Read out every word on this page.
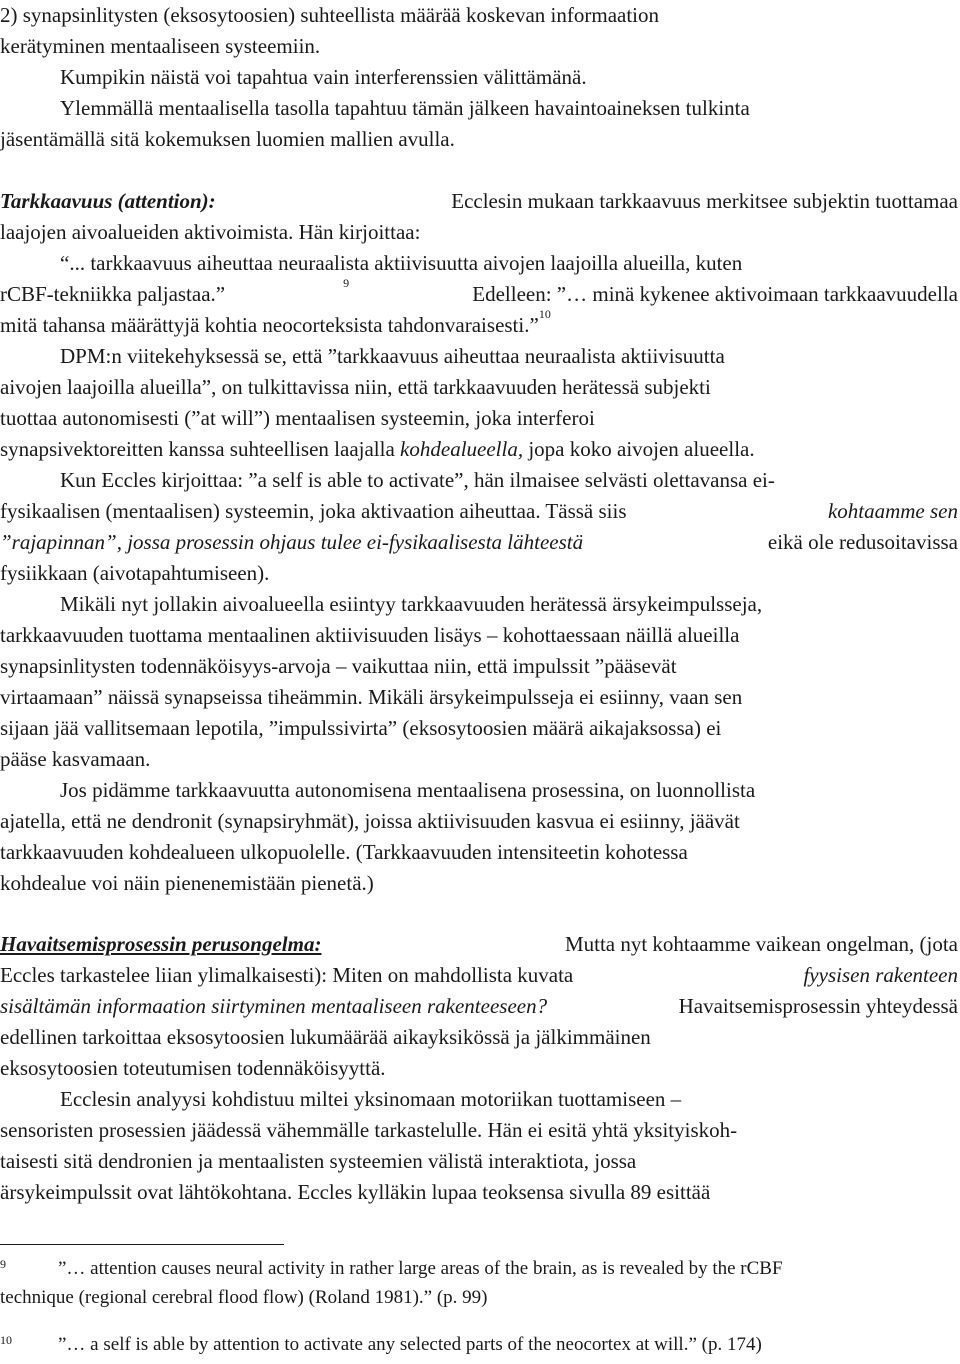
2) synapsinlitysten (eksosytoosien) suhteellista määrää koskevan informaation
kerätyminen mentaaliseen systeemiin.
Kumpikin näistä voi tapahtua vain interferenssien välittämänä.
Ylemmällä mentaalisella tasolla tapahtuu tämän jälkeen havaintoaineksen tulkinta
jäsentämällä sitä kokemuksen luomien mallien avulla.
Tarkkaavuus (attention):	Ecclesin mukaan tarkkaavuus merkitsee subjektin tuottamaa
laajojen aivoalueiden aktivoimista. Hän kirjoittaa:
“... tarkkaavuus aiheuttaa neuraalista aktiivisuutta aivojen laajoilla alueilla, kuten
rCBF-tekniikka paljastaa.”	$^9$	Edelleen: ”… minä kykenee aktivoimaan tarkkaavuudella
mitä tahansa määrättyjä kohtia neocorteksista tahdonvaraisesti.”$^{10}$
DPM:n viitekehyksessä se, että ”tarkkaavuus aiheuttaa neuraalista aktiivisuutta
aivojen laajoilla alueilla”, on tulkittavissa niin, että tarkkaavuuden herätessä subjekti
tuottaa autonomisesti (”at will”) mentaalisen systeemin, joka interferoi
synapsivektoreitten kanssa suhteellisen laajalla kohdealueella, jopa koko aivojen alueella.
Kun Eccles kirjoittaa: ”a self is able to activate”, hän ilmaisee selvästi olettavansa ei-
fysikaalisen (mentaalisen) systeemin, joka aktivaation aiheuttaa. Tässä siis	kohtaamme sen
”rajapinnan”, jossa prosessin ohjaus tulee ei-fysikaalisesta lähteestä	eikä ole redusoitavissa
fysiikkaan (aivotapahtumiseen).
Mikäli nyt jollakin aivoalueella esiintyy tarkkaavuuden herätessä ärsykeimpulsseja,
tarkkaavuuden tuottama mentaalinen aktiivisuuden lisäys – kohottaessaan näillä alueilla
synapsinlitysten todennäköisyys-arvoja – vaikuttaa niin, että impulssit ”pääsevät
virtaamaan” näissä synapseissa tiheämmin. Mikäli ärsykeimpulsseja ei esiinny, vaan sen
sijaan jää vallitsemaan lepotila, ”impulssivirta” (eksosytoosien määrä aikajaksossa) ei
pääse kasvamaan.
Jos pidämme tarkkaavuutta autonomisena mentaalisena prosessina, on luonnollista
ajatella, että ne dendronit (synapsiryhmät), joissa aktiivisuuden kasvua ei esiinny, jäävät
tarkkaavuuden kohdealueen ulkopuolelle. (Tarkkaavuuden intensiteetin kohotessa
kohdealue voi näin pienenemistään pienetä.)
Havaitsemisprosessin perusongelma:	Mutta nyt kohtaamme vaikean ongelman, (jota
Eccles tarkastelee liian ylimalkaisesti): Miten on mahdollista kuvata	fyysisen rakenteen
sisältämän informaation siirtyminen mentaaliseen rakenteeseen?	Havaitsemisprosessin yhteydessä
edellinen tarkoittaa eksosytoosien lukumäärää aikayksikössä ja jälkimmäinen
eksosytoosien toteutumisen todennäköisyyttä.
Ecclesin analyysi kohdistuu miltei yksinomaan motoriikan tuottamiseen –
sensoristen prosessien jäädessä vähemmälle tarkastelulle. Hän ei esitä yhtä yksityiskoh-
taisesti sitä dendronien ja mentaalisten systeemien välistä interaktiota, jossa
ärsykeimpulssit ovat lähtökohtana. Eccles kylläkin lupaa teoksensa sivulla 89 esittää
9	”… attention causes neural activity in rather large areas of the brain, as is revealed by the rCBF
technique (regional cerebral flood flow) (Roland 1981).” (p. 99)
10 ”… a self is able by attention to activate any selected parts of the neocortex at will.” (p. 174)
